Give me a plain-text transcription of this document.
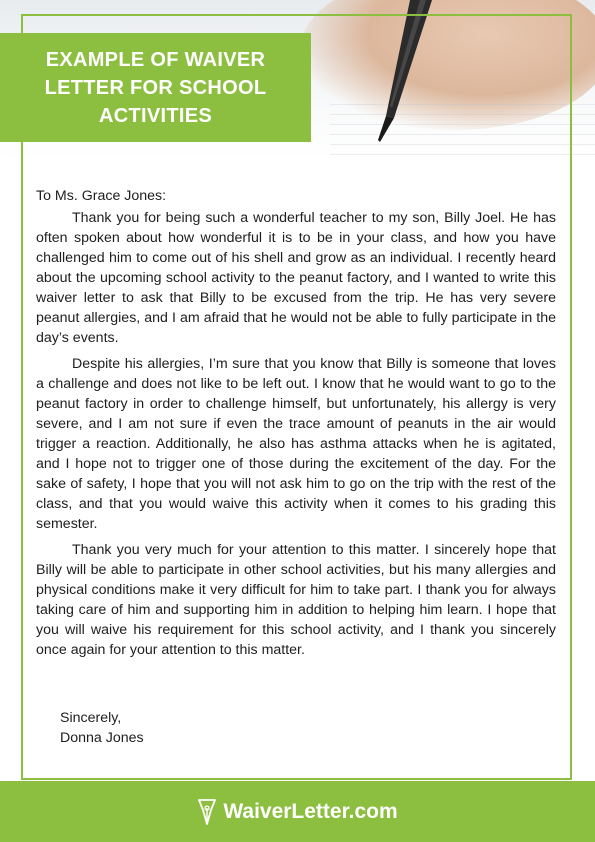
EXAMPLE OF WAIVER LETTER FOR SCHOOL ACTIVITIES

To Ms. Grace Jones:

Thank you for being such a wonderful teacher to my son, Billy Joel. He has often spoken about how wonderful it is to be in your class, and how you have challenged him to come out of his shell and grow as an individual. I recently heard about the upcoming school activity to the peanut factory, and I wanted to write this waiver letter to ask that Billy to be excused from the trip. He has very severe peanut allergies, and I am afraid that he would not be able to fully participate in the day’s events.

Despite his allergies, I’m sure that you know that Billy is someone that loves a challenge and does not like to be left out. I know that he would want to go to the peanut factory in order to challenge himself, but unfortunately, his allergy is very severe, and I am not sure if even the trace amount of peanuts in the air would trigger a reaction. Additionally, he also has asthma attacks when he is agitated, and I hope not to trigger one of those during the excitement of the day. For the sake of safety, I hope that you will not ask him to go on the trip with the rest of the class, and that you would waive this activity when it comes to his grading this semester.

Thank you very much for your attention to this matter. I sincerely hope that Billy will be able to participate in other school activities, but his many allergies and physical conditions make it very difficult for him to take part. I thank you for always taking care of him and supporting him in addition to helping him learn. I hope that you will waive his requirement for this school activity, and I thank you sincerely once again for your attention to this matter.

Sincerely,
Donna Jones
WaiverLetter.com
